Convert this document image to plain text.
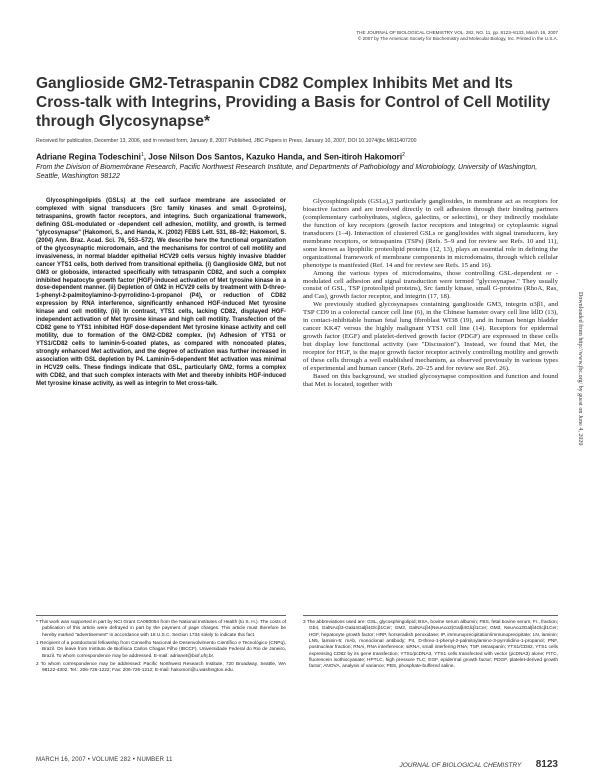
THE JOURNAL OF BIOLOGICAL CHEMISTRY VOL. 282, NO. 11, pp. 8123–8133, March 16, 2007
© 2007 by The American Society for Biochemistry and Molecular Biology, Inc. Printed in the U.S.A.
Ganglioside GM2-Tetraspanin CD82 Complex Inhibits Met and Its Cross-talk with Integrins, Providing a Basis for Control of Cell Motility through Glycosynapse*
Received for publication, December 13, 2006, and in revised form, January 8, 2007 Published, JBC Papers in Press, January 10, 2007, DOI 10.1074/jbc.M611407200
Adriane Regina Todeschini$^1$, Jose Nilson Dos Santos, Kazuko Handa, and Sen-itiroh Hakomori$^2$
From the Division of Biomembrane Research, Pacific Northwest Research Institute, and Departments of Pathobiology and Microbiology, University of Washington, Seattle, Washington 98122

Glycosphingolipids (GSLs) at the cell surface membrane are associated or complexed with signal transducers (Src family kinases and small G-proteins), tetraspanins, growth factor receptors, and integrins. Such organizational framework, defining GSL-modulated or -dependent cell adhesion, motility, and growth, is termed "glycosynapse" (Hakomori, S., and Handa, K. (2002) FEBS Lett. 531, 88–92; Hakomori, S. (2004) Ann. Braz. Acad. Sci. 76, 553–572). We describe here the functional organization of the glycosynaptic microdomain, and the mechanisms for control of cell motility and invasiveness, in normal bladder epithelial HCV29 cells versus highly invasive bladder cancer YTS1 cells, both derived from transitional epithelia. (i) Ganglioside GM2, but not GM3 or globoside, interacted specifically with tetraspanin CD82, and such a complex inhibited hepatocyte growth factor (HGF)-induced activation of Met tyrosine kinase in a dose-dependent manner. (ii) Depletion of GM2 in HCV29 cells by treatment with D-threo-1-phenyl-2-palmitoylamino-3-pyrrolidino-1-propanol (P4), or reduction of CD82 expression by RNA interference, significantly enhanced HGF-induced Met tyrosine kinase and cell motility. (iii) In contrast, YTS1 cells, lacking CD82, displayed HGF-independent activation of Met tyrosine kinase and high cell motility. Transfection of the CD82 gene to YTS1 inhibited HGF dose-dependent Met tyrosine kinase activity and cell motility, due to formation of the GM2-CD82 complex. (iv) Adhesion of YTS1 or YTS1/CD82 cells to laminin-5-coated plates, as compared with noncoated plates, strongly enhanced Met activation, and the degree of activation was further increased in association with GSL depletion by P4. Laminin-5-dependent Met activation was minimal in HCV29 cells. These findings indicate that GSL, particularly GM2, forms a complex with CD82, and that such complex interacts with Met and thereby inhibits HGF-induced Met tyrosine kinase activity, as well as integrin to Met cross-talk.

Glycosphingolipids (GSLs),3 particularly gangliosides, in membrane act as receptors for bioactive factors and are involved directly in cell adhesion through their binding partners (complementary carbohydrates, siglecs, galectins, or selectins), or they indirectly modulate the function of key receptors (growth factor receptors and integrins) or cytoplasmic signal transducers (1–4). Interaction of clustered GSLs or gangliosides with signal transducers, key membrane receptors, or tetraspanins (TSPs) (Refs. 5–9 and for review see Refs. 10 and 11), some known as lipophilic proteolipid proteins (12, 13), plays an essential role in defining the organizational framework of membrane components in microdomains, through which cellular phenotype is manifested (Ref. 14 and for review see Refs. 15 and 16).

Among the various types of microdomains, those controlling GSL-dependent or -modulated cell adhesion and signal transduction were termed "glycosynapse." They usually consist of GSL, TSP (proteolipid proteins), Src family kinase, small G-proteins (RhoA, Ras, and Cas), growth factor receptor, and integrin (17, 18).

We previously studied glycosynapses containing ganglioside GM3, integrin α3β1, and TSP CD9 in a colorectal cancer cell line (6), in the Chinese hamster ovary cell line ldlD (13), in contact-inhibitable human fetal lung fibroblast WI38 (19), and in human benign bladder cancer KK47 versus the highly malignant YTS1 cell line (14). Receptors for epidermal growth factor (EGF) and platelet-derived growth factor (PDGF) are expressed in these cells but display low functional activity (see "Discussion"). Instead, we found that Met, the receptor for HGF, is the major growth factor receptor actively controlling motility and growth of these cells through a well established mechanism, as observed previously in various types of experimental and human cancer (Refs. 20–25 and for review see Ref. 26).

Based on this background, we studied glycosynapse composition and function and found that Met is located, together with

* This work was supported in part by NCI Grant CA080054 from the National Institutes of Health (to S. H.). The costs of publication of this article were defrayed in part by the payment of page charges. This article must therefore be hereby marked "advertisement" in accordance with 18 U.S.C. Section 1734 solely to indicate this fact.

1 Recipient of a postdoctoral fellowship from Conselho Nacional de Desenvolvimento Científico e Tecnológico (CNPq), Brazil. On leave from Instituto de Biofísica Carlos Chagas Filho (IBCCF), Universidade Federal do Rio de Janeiro, Brazil. To whom correspondence may be addressed. E-mail: adrianet@biof.ufrj.br.

2 To whom correspondence may be addressed: Pacific Northwest Research Institute, 720 Broadway, Seattle, WA 98122-4302. Tel.: 206-726-1222; Fax: 206-726-1212; E-mail: hakomori@u.washington.edu.

3 The abbreviations used are: GSL, glycosphingolipid; BSA, bovine serum albumin; FBS, fetal bovine serum; Fr., fraction; Gb4, GalNAcβ3-Galα4Galβ4Glcβ1Cer; GM2, GalNAcβ4(NeuAcα3)Galβ4Glcβ1Cer; GM3, NeuAcα3Galβ4Glcβ1Cer; HGF, hepatocyte growth factor; HRP, horseradish peroxidase; IP, immunoprecipitation/immunoprecipitate; LN, laminin; LN5, laminin-5; mAb, monoclonal antibody; P4, D-threo-1-phenyl-2-palmitoylamino-3-pyrrolidino-1-propanol; PNF, postnuclear fraction; RNAi, RNA interference; siRNA, small interfering RNA; TSP, tetraspanin; YTS1/CD82, YTS1 cells expressing CD82 by its gene transfection; YTS1/pcDNA3, YTS1 cells transfected with vector (pcDNA3) alone; FITC, fluorescein isothiocyanate; HPTLC, high pressure TLC; EGF, epidermal growth factor; PDGF, platelet-derived growth factor; ANOVA, analysis of variance; PBS, phosphate-buffered saline.

Downloaded from http://www.jbc.org/ by guest on June 4, 2020
MARCH 16, 2007 • VOLUME 282 • NUMBER 11
JOURNAL OF BIOLOGICAL CHEMISTRY 8123
